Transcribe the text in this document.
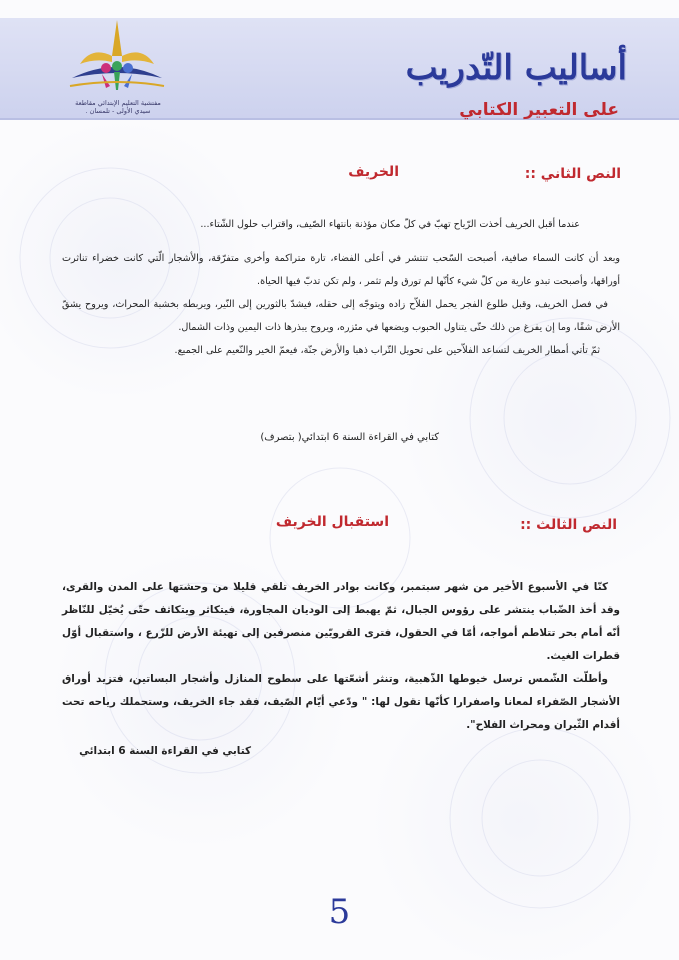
أساليب التّدريب
على التعبير الكتابي
مفتشية التعليم الإبتدائي مقاطعة سيدي الأولى - تلمسان .
النص الثاني ::
الخريف

عندما أقبل الخريف أخذت الرّياح تهبّ في كلّ مكان مؤذنة بانتهاء الصّيف، واقتراب حلول الشّتاء...

وبعد أن كانت السماء صافية، أصبحت السّحب تنتشر في أعلى الفضاء، تارة متراكمة وأخرى متفرّقة، والأشجار الّتي كانت خضراء تناثرت أوراقها، وأصبحت تبدو عارية من كلّ شيء كأنّها لم تورق ولم تثمر ، ولم تكن تدبّ فيها الحياة.

في فصل الخريف، وقبل طلوع الفجر يحمل الفلاّح زاده ويتوجّه إلى حقله، فيشدّ بالثورين إلى النّير، ويربطه بخشبة المحراث، ويروح يشقّ الأرض شقًا، وما إن يفرغ من ذلك حتّى يتناول الحبوب ويضعها في مئزره، ويروح يبذرها ذات اليمين وذات الشمال.

ثمّ تأتي أمطار الخريف لتساعد الفلاّحين على تحويل التّراب ذهبا والأرض جنّة، فيعمّ الخير والنّعيم على الجميع.

كتابي في القراءة السنة 6 ابتدائي( بتصرف)
النص الثالث ::
استقبال الخريف

كنّا في الأسبوع الأخير من شهر سبتمبر، وكانت بوادر الخريف تلقي قليلا من وحشتها على المدن والقرى، وقد أخذ الضّباب ينتشر على رؤوس الجبال، ثمّ يهبط إلى الوديان المجاورة، فيتكاثر ويتكاثف حتّى يُخيّل للنّاظر أنّه أمام بحر تتلاطم أمواجه، أمّا في الحقول، فترى القرويّين منصرفين إلى تهيئة الأرض للزّرع ، واستقبال أوّل قطرات الغيث.

وأطلّت الشّمس ترسل خيوطها الذّهبية، وتنثر أشعّتها على سطوح المنازل وأشجار البساتين، فتزيد أوراق الأشجار الصّفراء لمعانا واصفرارا كأنّها تقول لها: " ودّعي أيّام الصّيف، فقد جاء الخريف، وستحملك رياحه تحت أقدام الثّيران ومحراث الفلاح".

كتابي في القراءة السنة 6 ابتدائي
5
